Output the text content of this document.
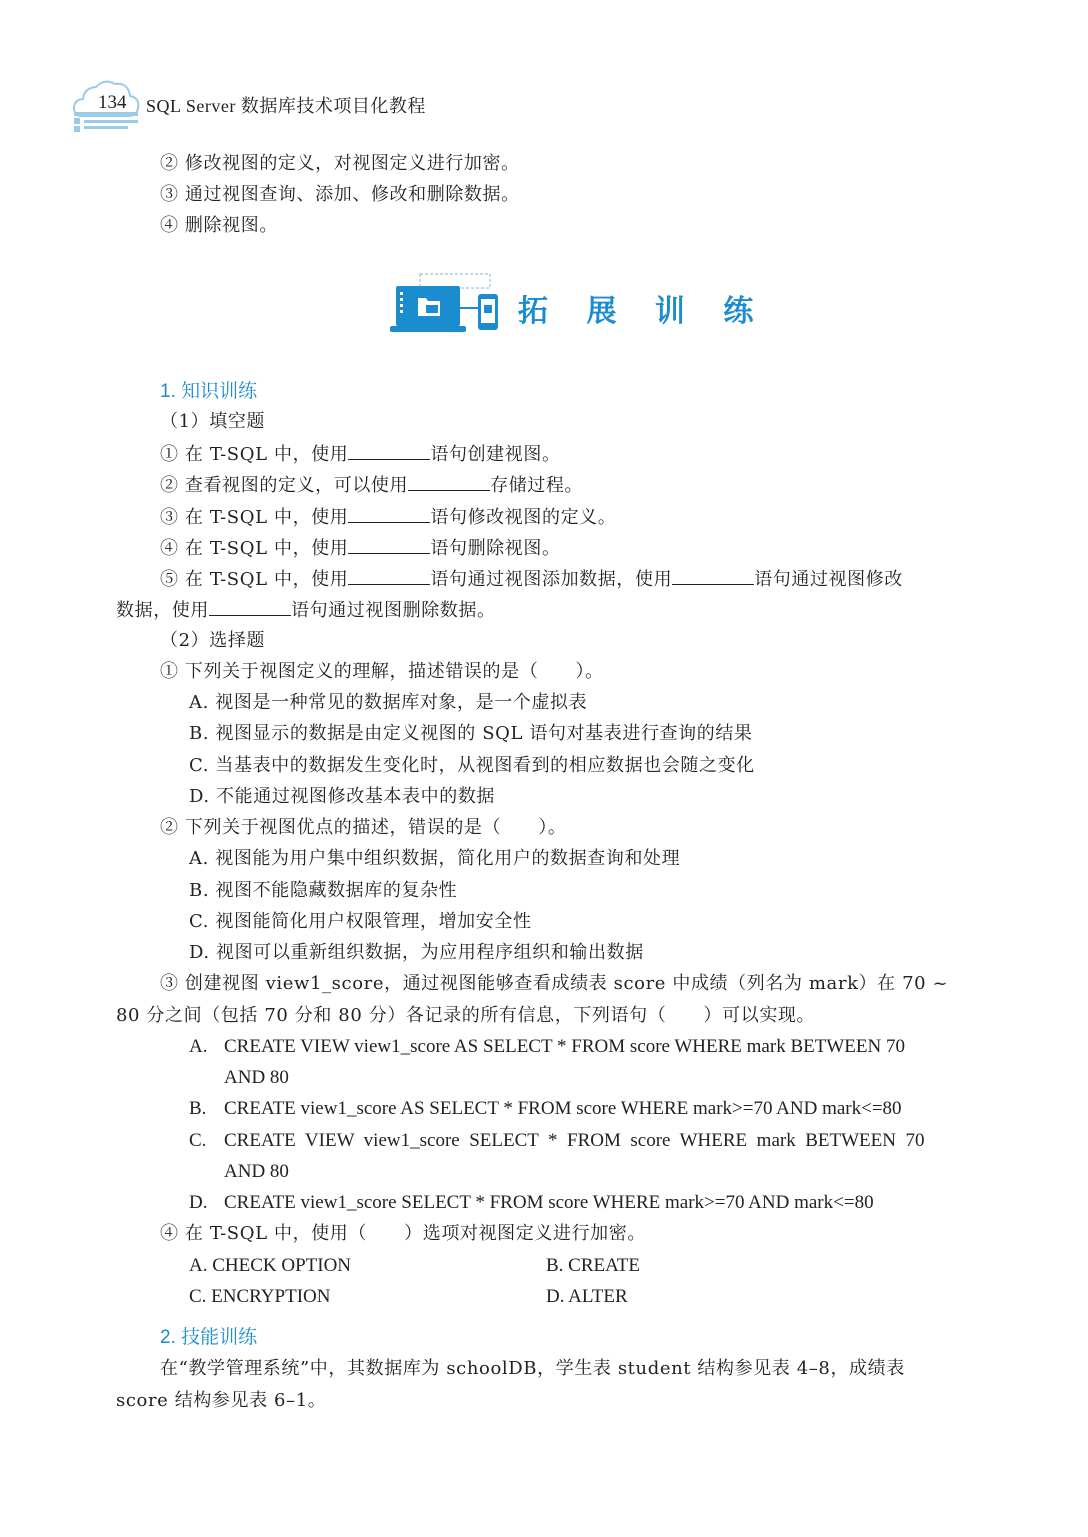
134 SQL Server 数据库技术项目化教程
② 修改视图的定义，对视图定义进行加密。
③ 通过视图查询、添加、修改和删除数据。
④ 删除视图。
拓 展 训 练
1. 知识训练
（1）填空题
① 在 T-SQL 中，使用	语句创建视图。
② 查看视图的定义，可以使用	存储过程。
③ 在 T-SQL 中，使用	语句修改视图的定义。
④ 在 T-SQL 中，使用	语句删除视图。
⑤ 在 T-SQL 中，使用	语句通过视图添加数据，使用	语句通过视图修改
数据，使用	语句通过视图删除数据。
（2）选择题
① 下列关于视图定义的理解，描述错误的是（　　）。
A. 视图是一种常见的数据库对象，是一个虚拟表
B. 视图显示的数据是由定义视图的 SQL 语句对基表进行查询的结果
C. 当基表中的数据发生变化时，从视图看到的相应数据也会随之变化
D. 不能通过视图修改基本表中的数据
② 下列关于视图优点的描述，错误的是（　　）。
A. 视图能为用户集中组织数据，简化用户的数据查询和处理
B. 视图不能隐藏数据库的复杂性
C. 视图能简化用户权限管理，增加安全性
D. 视图可以重新组织数据，为应用程序组织和输出数据
③ 创建视图 view1_score，通过视图能够查看成绩表 score 中成绩（列名为 mark）在 70 ~
80 分之间（包括 70 分和 80 分）各记录的所有信息，下列语句（　　）可以实现。
A. CREATE VIEW view1_score AS SELECT * FROM score WHERE mark BETWEEN 70
AND 80
B. CREATE view1_score AS SELECT * FROM score WHERE mark>=70 AND mark<=80
C. CREATE  VIEW  view1_score  SELECT  *  FROM  score  WHERE  mark  BETWEEN  70
AND 80
D. CREATE view1_score SELECT * FROM score WHERE mark>=70 AND mark<=80
④ 在 T-SQL 中，使用（　　）选项对视图定义进行加密。
A. CHECK OPTION	B. CREATE
C. ENCRYPTION	D. ALTER
2. 技能训练
在“教学管理系统”中，其数据库为 schoolDB，学生表 student 结构参见表 4–8，成绩表
score 结构参见表 6–1。
